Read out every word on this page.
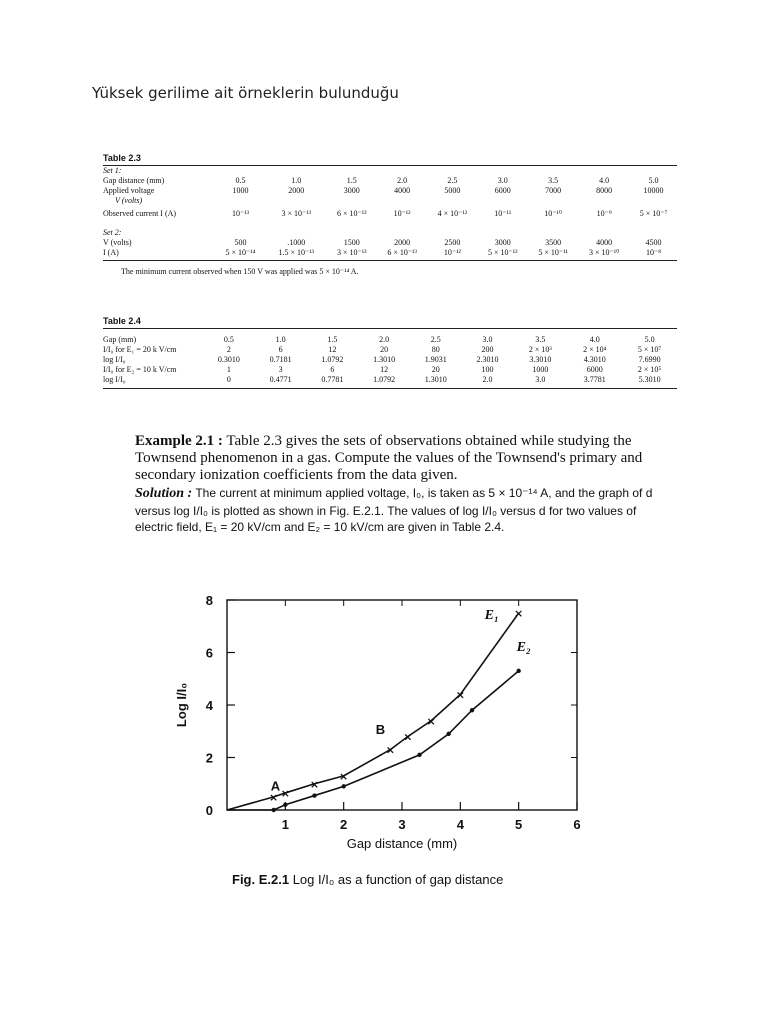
Yüksek gerilime ait örneklerin bulunduğu
Table 2.3
Set 1:									
Gap distance (mm)	0.5	1.0	1.5	2.0	2.5	3.0	3.5	4.0	5.0
Applied voltage	1000	2000	3000	4000	5000	6000	7000	8000	10000
V (volts)									
Observed current I (A)	10⁻¹³	3 × 10⁻¹³	6 × 10⁻¹³	10⁻¹²	4 × 10⁻¹²	10⁻¹¹	10⁻¹⁰	10⁻⁹	5 × 10⁻⁷
Set 2:									
V (volts)	500	.1000	1500	2000	2500	3000	3500	4000	4500
I (A)	5 × 10⁻¹⁴	1.5 × 10⁻¹³	3 × 10⁻¹³	6 × 10⁻¹³	10⁻¹²	5 × 10⁻¹²	5 × 10⁻¹¹	3 × 10⁻¹⁰	10⁻⁸
The minimum current observed when 150 V was applied was 5 × 10⁻¹⁴ A.
Table 2.4
Gap (mm)	0.5	1.0	1.5	2.0	2.5	3.0	3.5	4.0	5.0
I/I₀ for E₁ = 20 k V/cm	2	6	12	20	80	200	2 × 10³	2 × 10⁴	5 × 10⁷
log I/I₀	0.3010	0.7181	1.0792	1.3010	1.9031	2.3010	3.3010	4.3010	7.6990
I/I₀ for E₂ = 10 k V/cm	1	3	6	12	20	100	1000	6000	2 × 10⁵
log I/I₀	0	0.4771	0.7781	1.0792	1.3010	2.0	3.0	3.7781	5.3010
Example 2.1 : Table 2.3 gives the sets of observations obtained while studying the Townsend phenomenon in a gas. Compute the values of the Townsend's primary and secondary ionization coefficients from the data given.
Solution : The current at minimum applied voltage, I₀, is taken as 5 × 10⁻¹⁴ A, and the graph of d versus log I/I₀ is plotted as shown in Fig. E.2.1. The values of log I/I₀ versus d for two values of electric field, E₁ = 20 kV/cm and E₂ = 10 kV/cm are given in Table 2.4.
0
2
4
6
8
1	2	3	4	5	6
Gap distance (mm)
Log I/I₀
× ×
×
×
×
×
×
×
×
E₁
E₂
A
B
Fig. E.2.1 Log I/I₀ as a function of gap distance
